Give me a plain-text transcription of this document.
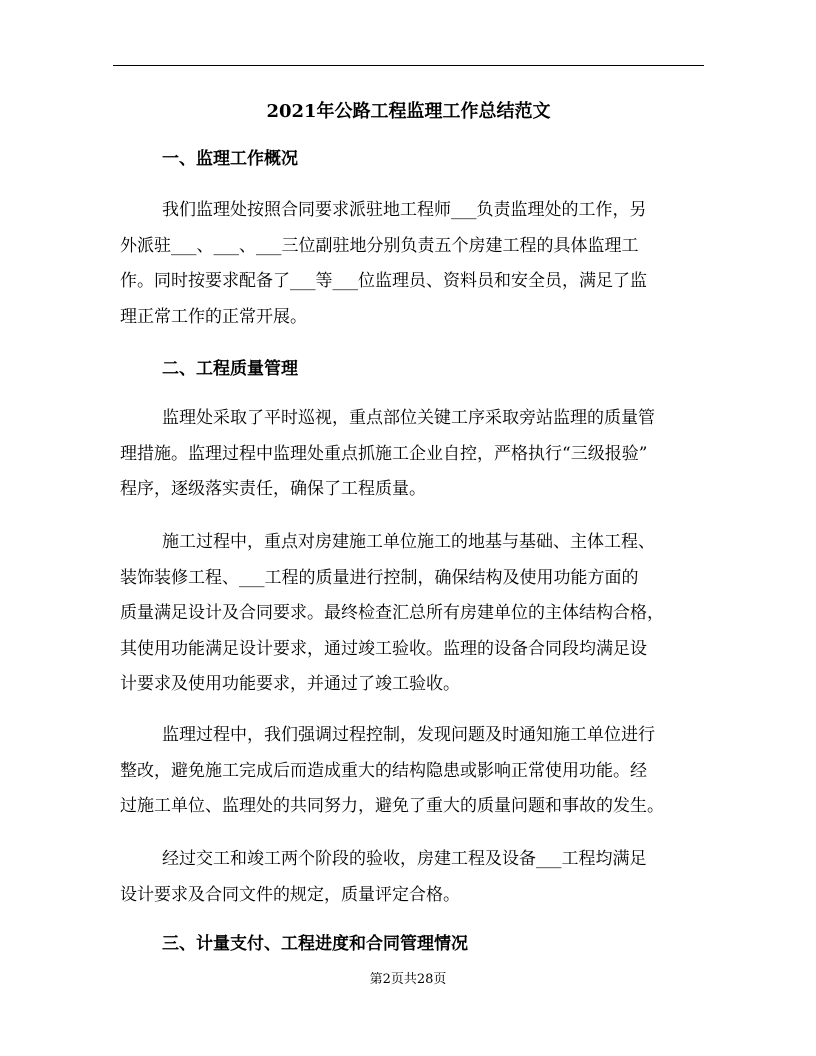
2021年公路工程监理工作总结范文
一、监理工作概况

我们监理处按照合同要求派驻地工程师___负责监理处的工作，另
外派驻___、___、___三位副驻地分别负责五个房建工程的具体监理工
作。同时按要求配备了___等___位监理员、资料员和安全员，满足了监
理正常工作的正常开展。

二、工程质量管理

监理处采取了平时巡视，重点部位关键工序采取旁站监理的质量管
理措施。监理过程中监理处重点抓施工企业自控，严格执行“三级报验”
程序，逐级落实责任，确保了工程质量。

施工过程中，重点对房建施工单位施工的地基与基础、主体工程、
装饰装修工程、___工程的质量进行控制，确保结构及使用功能方面的
质量满足设计及合同要求。最终检查汇总所有房建单位的主体结构合格，
其使用功能满足设计要求，通过竣工验收。监理的设备合同段均满足设
计要求及使用功能要求，并通过了竣工验收。

监理过程中，我们强调过程控制，发现问题及时通知施工单位进行
整改，避免施工完成后而造成重大的结构隐患或影响正常使用功能。经
过施工单位、监理处的共同努力，避免了重大的质量问题和事故的发生。

经过交工和竣工两个阶段的验收，房建工程及设备___工程均满足
设计要求及合同文件的规定，质量评定合格。

三、计量支付、工程进度和合同管理情况
第2页共28页
